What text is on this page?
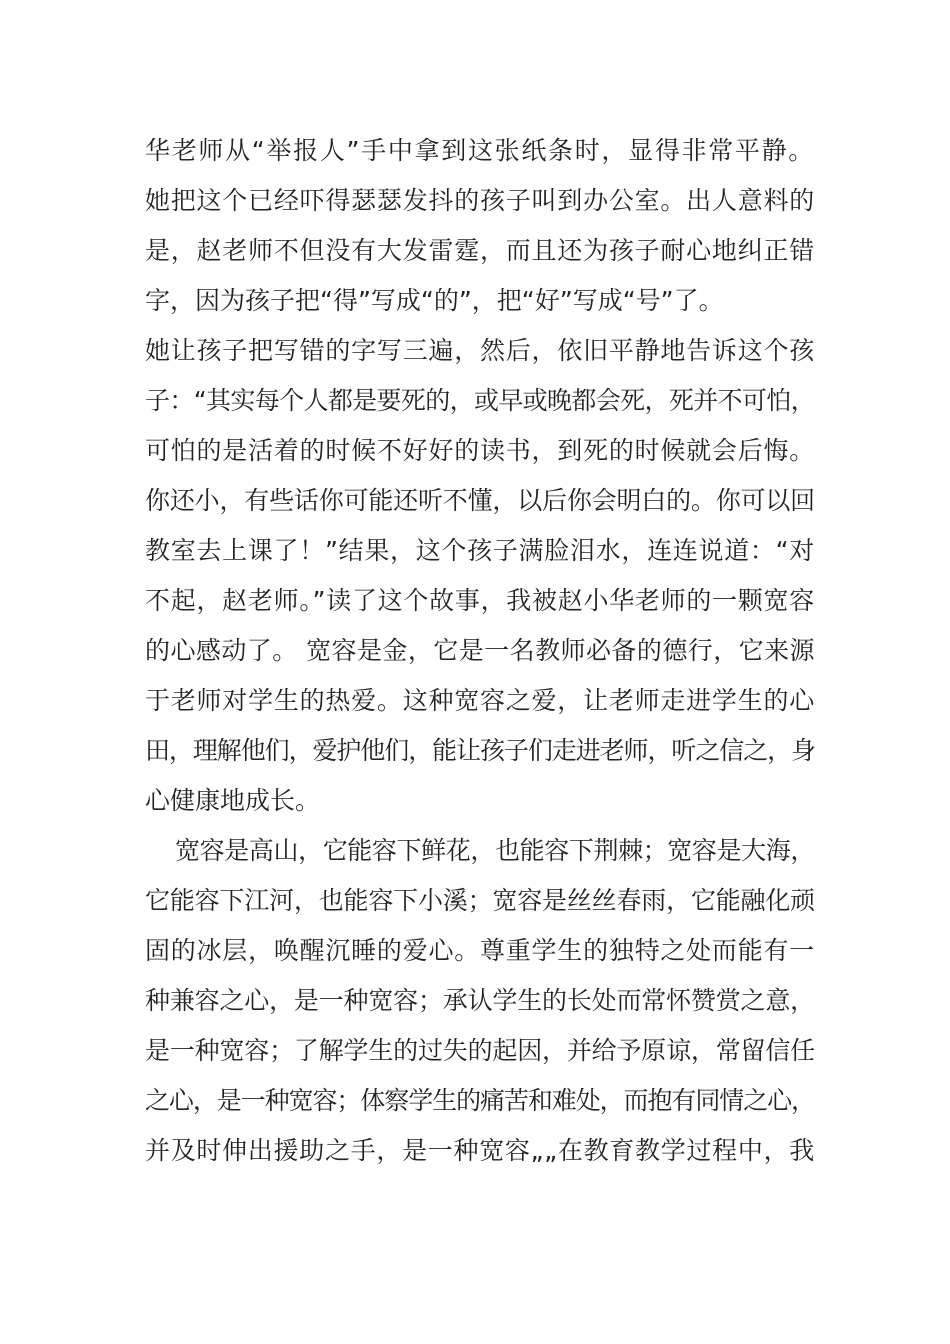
华老师从“举报人”手中拿到这张纸条时，显得非常平静。
她把这个已经吓得瑟瑟发抖的孩子叫到办公室。出人意料的
是，赵老师不但没有大发雷霆，而且还为孩子耐心地纠正错
字，因为孩子把“得”写成“的”，把“好”写成“号”了。
她让孩子把写错的字写三遍，然后，依旧平静地告诉这个孩
子：“其实每个人都是要死的，或早或晚都会死，死并不可怕，
可怕的是活着的时候不好好的读书，到死的时候就会后悔。
你还小，有些话你可能还听不懂，以后你会明白的。你可以回
教室去上课了！”结果，这个孩子满脸泪水，连连说道：“对
不起，赵老师。”读了这个故事，我被赵小华老师的一颗宽容
的心感动了。 宽容是金，它是一名教师必备的德行，它来源
于老师对学生的热爱。这种宽容之爱，让老师走进学生的心
田，理解他们，爱护他们，能让孩子们走进老师，听之信之，身
心健康地成长。
宽容是高山，它能容下鲜花，也能容下荆棘；宽容是大海，
它能容下江河，也能容下小溪；宽容是丝丝春雨，它能融化顽
固的冰层，唤醒沉睡的爱心。尊重学生的独特之处而能有一
种兼容之心，是一种宽容；承认学生的长处而常怀赞赏之意，
是一种宽容；了解学生的过失的起因，并给予原谅，常留信任
之心，是一种宽容；体察学生的痛苦和难处，而抱有同情之心，
并及时伸出援助之手，是一种宽容„„在教育教学过程中，我
